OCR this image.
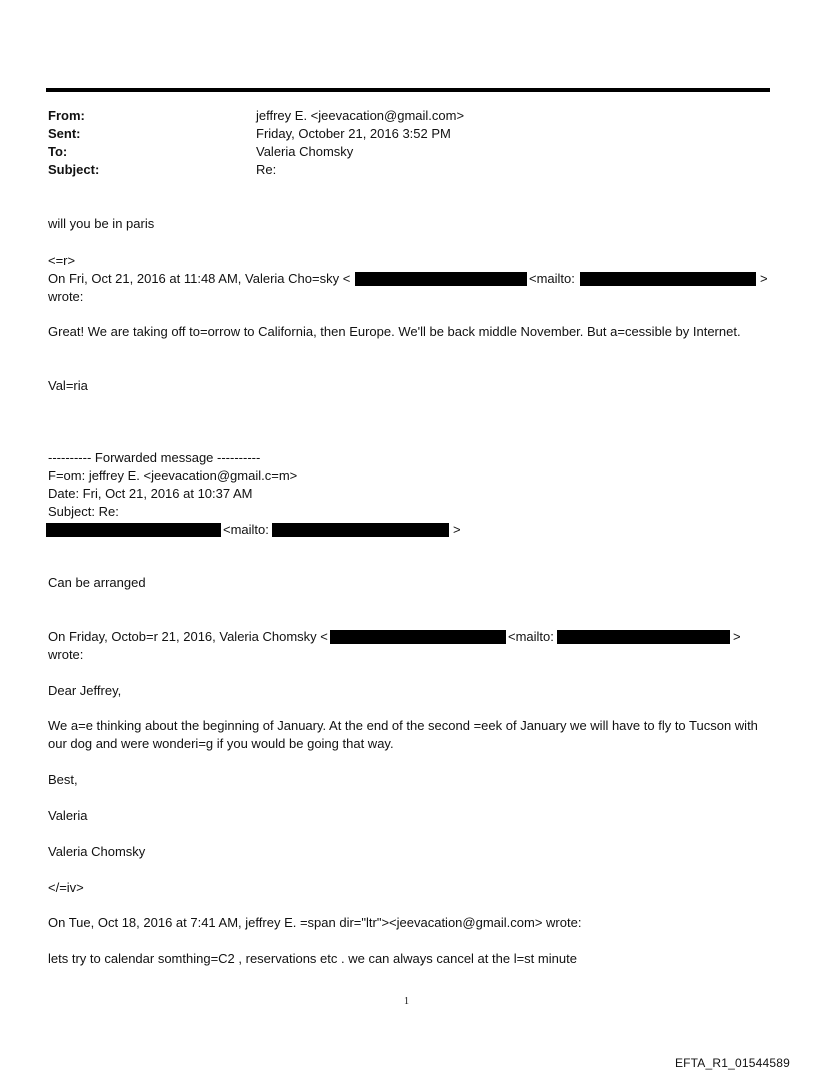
From:	jeffrey E. <jeevacation@gmail.com>
Sent:	Friday, October 21, 2016 3:52 PM
To:	Valeria Chomsky
Subject:	Re:
will you be in paris
<=r>
On Fri, Oct 21, 2016 at 11:48 AM, Valeria Cho=sky <	<mailto:	>
wrote:
Great! We are taking off to=orrow to California, then Europe. We'll be back middle November. But a=cessible by Internet.
Val=ria
---------- Forwarded message ----------
F=om: jeffrey E. <jeevacation@gmail.c=m>
Date: Fri, Oct 21, 2016 at 10:37 AM
Subject: Re:
<mailto:	>
Can be arranged
On Friday, Octob=r 21, 2016, Valeria Chomsky <	<mailto:	>
wrote:
Dear Jeffrey,
We a=e thinking about the beginning of January. At the end of the second =eek of January we will have to fly to Tucson with our dog and were wonderi=g if you would be going that way.
Best,
Valeria
Valeria Chomsky
</=iv>
On Tue, Oct 18, 2016 at 7:41 AM, jeffrey E. =span dir="ltr"><jeevacation@gmail.com> wrote:
lets try to calendar somthing=C2 , reservations etc . we can always cancel at the l=st minute
1
EFTA_R1_01544589
